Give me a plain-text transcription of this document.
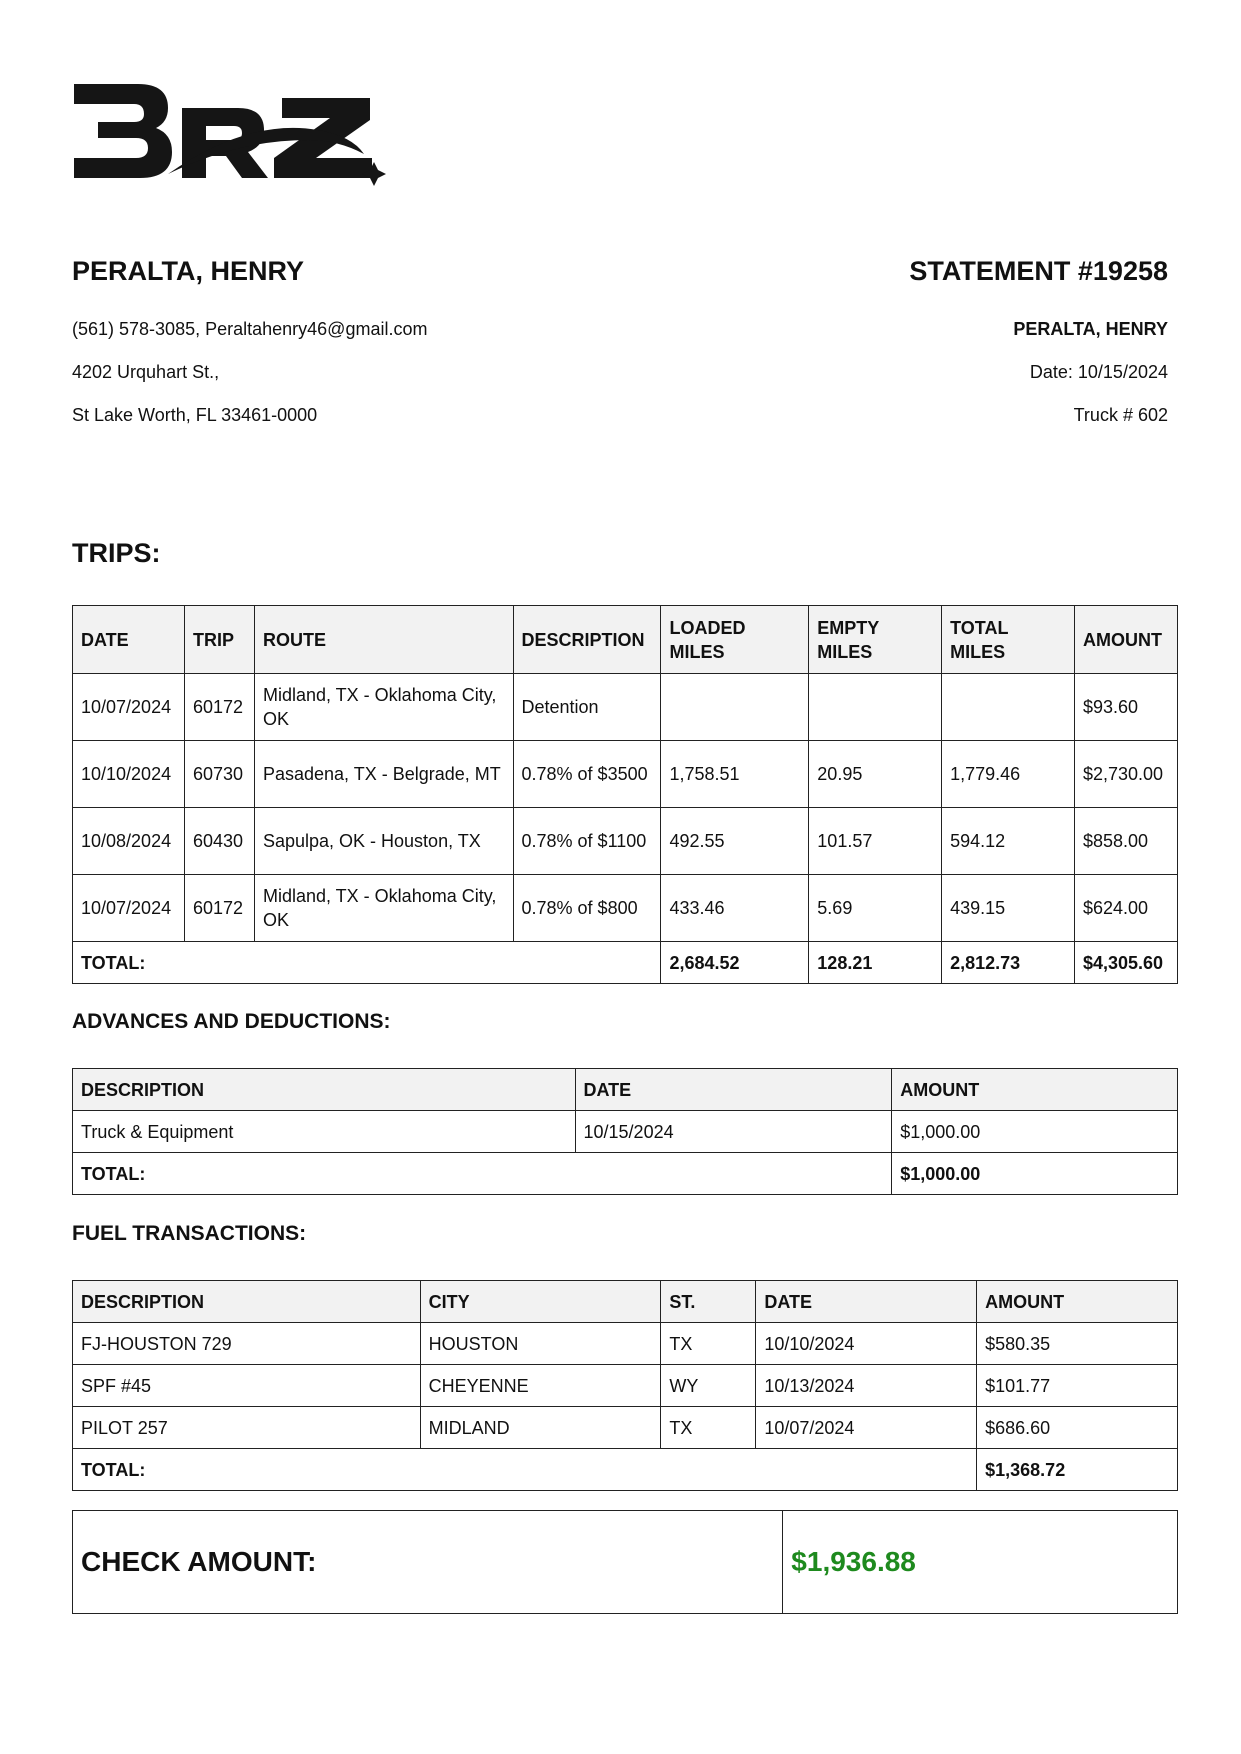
PERALTA, HENRY
(561) 578-3085, Peraltahenry46@gmail.com
4202 Urquhart St.,
St Lake Worth, FL 33461-0000
STATEMENT #19258
PERALTA, HENRY
Date: 10/15/2024
Truck # 602
TRIPS:
DATE	TRIP	ROUTE	DESCRIPTION	LOADED MILES	EMPTY MILES	TOTAL MILES	AMOUNT
10/07/2024	60172	Midland, TX - Oklahoma City, OK	Detention				$93.60
10/10/2024	60730	Pasadena, TX - Belgrade, MT	0.78% of $3500	1,758.51	20.95	1,779.46	$2,730.00
10/08/2024	60430	Sapulpa, OK - Houston, TX	0.78% of $1100	492.55	101.57	594.12	$858.00
10/07/2024	60172	Midland, TX - Oklahoma City, OK	0.78% of $800	433.46	5.69	439.15	$624.00
TOTAL:				2,684.52	128.21	2,812.73	$4,305.60
ADVANCES AND DEDUCTIONS:
DESCRIPTION	DATE	AMOUNT
Truck & Equipment	10/15/2024	$1,000.00
TOTAL:		$1,000.00
FUEL TRANSACTIONS:
DESCRIPTION	CITY	ST.	DATE	AMOUNT
FJ-HOUSTON 729	HOUSTON	TX	10/10/2024	$580.35
SPF #45	CHEYENNE	WY	10/13/2024	$101.77
PILOT 257	MIDLAND	TX	10/07/2024	$686.60
TOTAL:				$1,368.72
CHECK AMOUNT:	$1,936.88
